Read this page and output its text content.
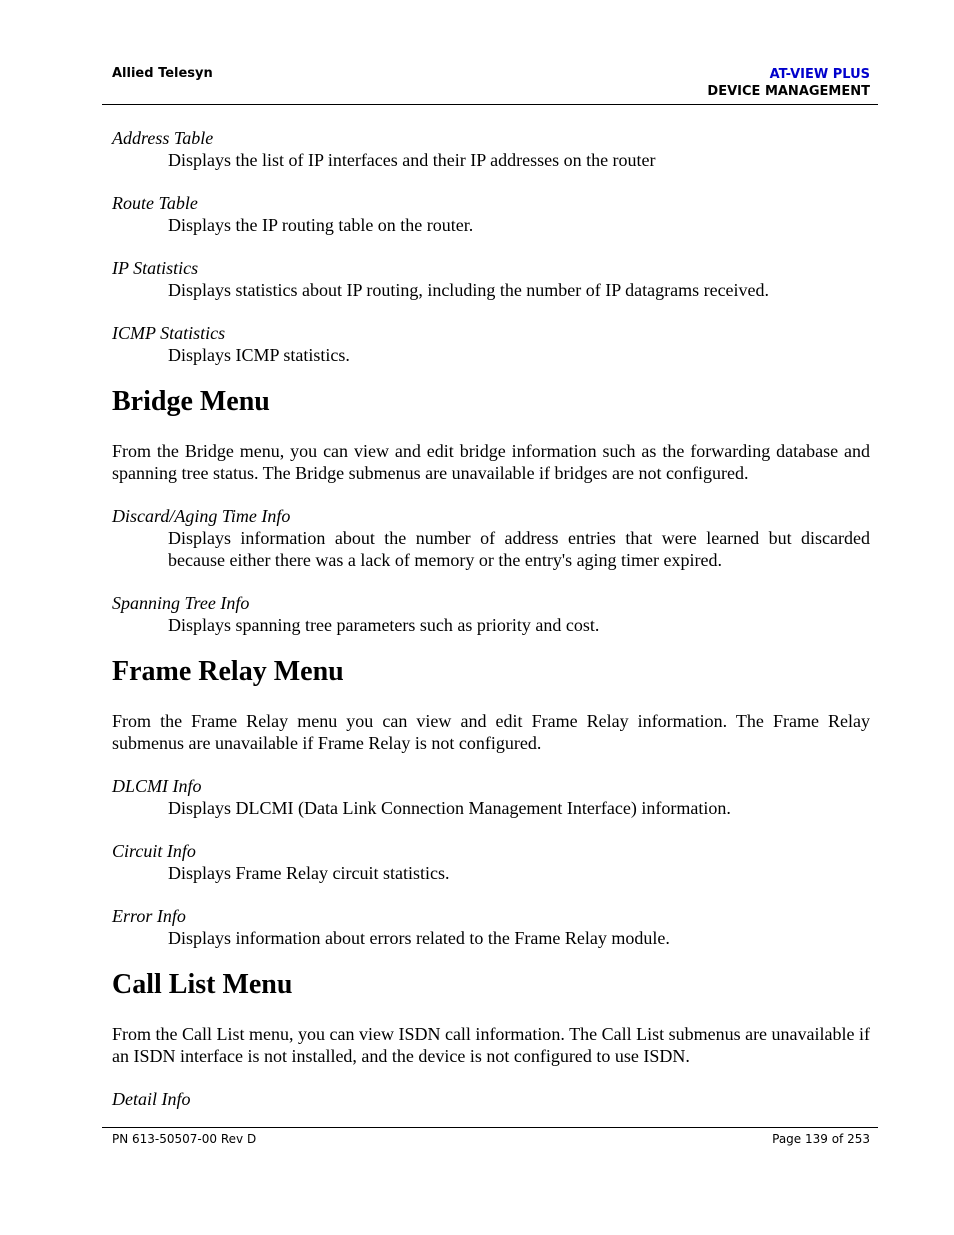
Allied Telesyn	AT-VIEW PLUS
DEVICE MANAGEMENT

Address Table

Displays the list of IP interfaces and their IP addresses on the router

Route Table

Displays the IP routing table on the router.

IP Statistics

Displays statistics about IP routing, including the number of IP datagrams received.

ICMP Statistics

Displays ICMP statistics.

Bridge Menu

From the Bridge menu, you can view and edit bridge information such as the forwarding database and spanning tree status. The Bridge submenus are unavailable if bridges are not configured.

Discard/Aging Time Info

Displays information about the number of address entries that were learned but discarded because either there was a lack of memory or the entry's aging timer expired.

Spanning Tree Info

Displays spanning tree parameters such as priority and cost.

Frame Relay Menu

From the Frame Relay menu you can view and edit Frame Relay information. The Frame Relay submenus are unavailable if Frame Relay is not configured.

DLCMI Info

Displays DLCMI (Data Link Connection Management Interface) information.

Circuit Info

Displays Frame Relay circuit statistics.

Error Info

Displays information about errors related to the Frame Relay module.

Call List Menu

From the Call List menu, you can view ISDN call information. The Call List submenus are unavailable if an ISDN interface is not installed, and the device is not configured to use ISDN.

Detail Info

PN 613-50507-00 Rev D	Page 139 of 253
